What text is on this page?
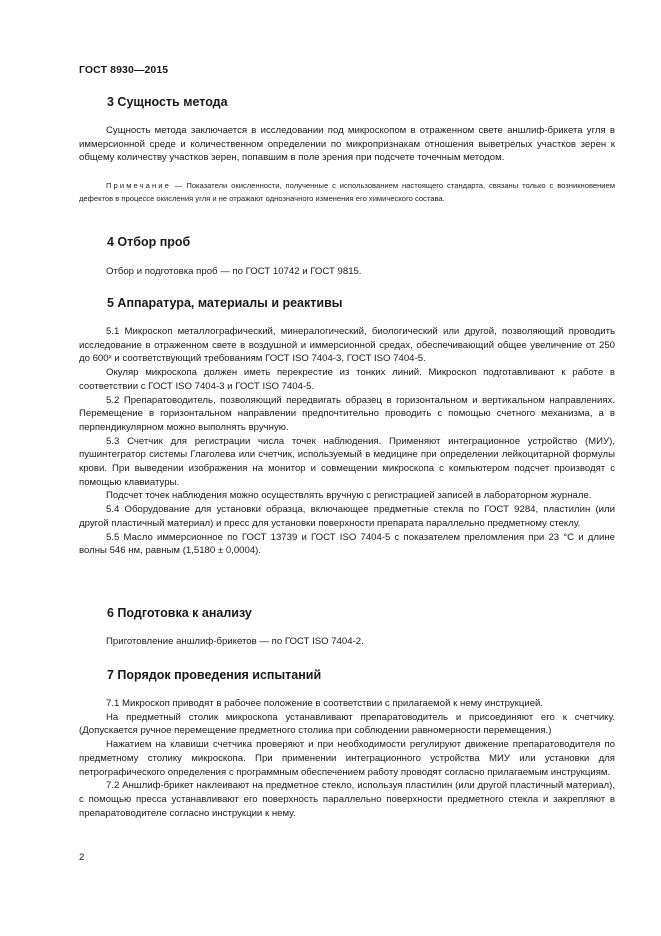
ГОСТ 8930—2015
3 Сущность метода

Сущность метода заключается в исследовании под микроскопом в отраженном свете аншлиф-брикета угля в иммерсионной среде и количественном определении по микропризнакам отношения выветрелых участков зерен к общему количеству участков зерен, попавшим в поле зрения при подсчете точечным методом.

Примечание — Показатели окисленности, полученные с использованием настоящего стандарта, связаны только с возникновением дефектов в процессе окисления угля и не отражают однозначного изменения его химического состава.

4 Отбор проб

Отбор и подготовка проб — по ГОСТ 10742 и ГОСТ 9815.

5 Аппаратура, материалы и реактивы

5.1 Микроскоп металлографический, минералогический, биологический или другой, позволяющий проводить исследование в отраженном свете в воздушной и иммерсионной средах, обеспечивающий общее увеличение от 250 до 600ˣ и соответствующий требованиям ГОСТ ISO 7404-3, ГОСТ ISO 7404-5.

Окуляр микроскопа должен иметь перекрестие из тонких линий. Микроскоп подготавливают к работе в соответствии с ГОСТ ISO 7404-3 и ГОСТ ISO 7404-5.

5.2 Препаратоводитель, позволяющий передвигать образец в горизонтальном и вертикальном направлениях. Перемещение в горизонтальном направлении предпочтительно проводить с помощью счетного механизма, а в перпендикулярном можно выполнять вручную.

5.3 Счетчик для регистрации числа точек наблюдения. Применяют интеграционное устройство (МИУ), пушинтегратор системы Глаголева или счетчик, используемый в медицине при определении лейкоцитарной формулы крови. При выведении изображения на монитор и совмещении микроскопа с компьютером подсчет производят с помощью клавиатуры.

Подсчет точек наблюдения можно осуществлять вручную с регистрацией записей в лабораторном журнале.

5.4 Оборудование для установки образца, включающее предметные стекла по ГОСТ 9284, пластилин (или другой пластичный материал) и пресс для установки поверхности препарата параллельно предметному стеклу.

5.5 Масло иммерсионное по ГОСТ 13739 и ГОСТ ISO 7404-5 с показателем преломления при 23 °С и длине волны 546 нм, равным (1,5180 ± 0,0004).

6 Подготовка к анализу

Приготовление аншлиф-брикетов — по ГОСТ ISO 7404-2.

7 Порядок проведения испытаний

7.1 Микроскоп приводят в рабочее положение в соответствии с прилагаемой к нему инструкцией.

На предметный столик микроскопа устанавливают препаратоводитель и присоединяют его к счетчику. (Допускается ручное перемещение предметного столика при соблюдении равномерности перемещения.)

Нажатием на клавиши счетчика проверяют и при необходимости регулируют движение препаратоводителя по предметному столику микроскопа. При применении интеграционного устройства МИУ или установки для петрографического определения с программным обеспечением работу проводят согласно прилагаемым инструкциям.

7.2 Аншлиф-брикет наклеивают на предметное стекло, используя пластилин (или другой пластичный материал), с помощью пресса устанавливают его поверхность параллельно поверхности предметного стекла и закрепляют в препаратоводителе согласно инструкции к нему.

2
